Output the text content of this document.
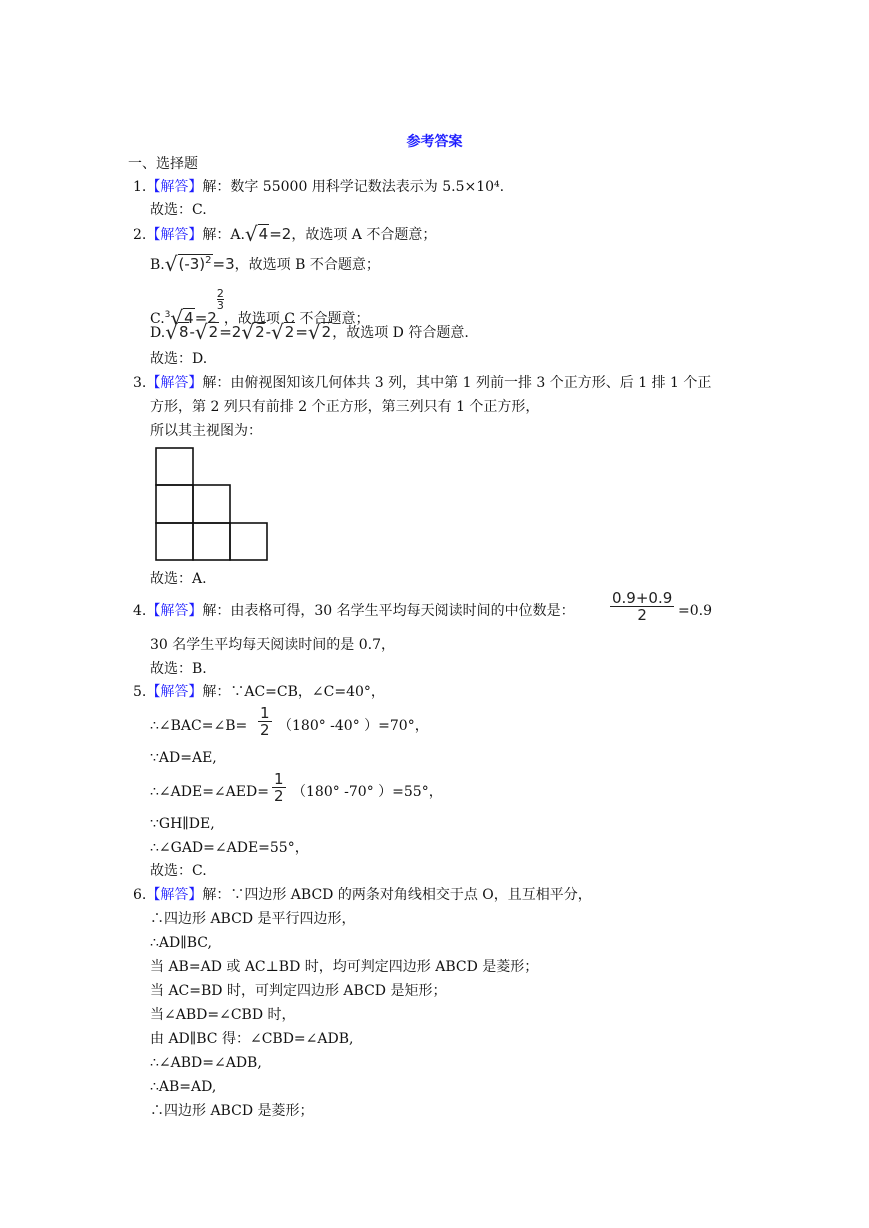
参考答案
一、选择题
1.【解答】解：数字 55000 用科学记数法表示为 5.5×10⁴.
故选：C.
2.【解答】解：A.√4=2，故选项 A 不合题意；
$B.√(-3)^2=3$，故选项 B 不合题意；
C.$^3$√4=2
$\frac{2}{3}$
，故选项 C 不合题意；
D.√8-√2=2√2-√2=√2，故选项 D 符合题意.
故选：D.
3.【解答】解：由俯视图知该几何体共 3 列，其中第 1 列前一排 3 个正方形、后 1 排 1 个正
方形，第 2 列只有前排 2 个正方形，第三列只有 1 个正方形，
所以其主视图为：
故选：A.
4.【解答】解：由表格可得，30 名学生平均每天阅读时间的中位数是： $\frac{0.9+0.9}{2} =0.9$
30 名学生平均每天阅读时间的是 0.7，
故选：B.
5.【解答】解：∵AC=CB，∠C=40°，
∴∠BAC=∠B= $\frac{1}{2} (180^\circ$ -40° ）=70°，
∵AD=AE,
∴∠ADE=∠AED= $\frac{1}{2} (180^\circ$ -70° ）=55°，
∵GH∥DE,
∴∠GAD=∠ADE=55°，
故选：C.
6.【解答】解：∵四边形 ABCD 的两条对角线相交于点 O，且互相平分，
∴四边形 ABCD 是平行四边形，
∴AD∥BC,
当 AB=AD 或 AC⊥BD 时，均可判定四边形 ABCD 是菱形；
当 AC=BD 时，可判定四边形 ABCD 是矩形；
当∠ABD=∠CBD 时，
由 AD∥BC 得：∠CBD=∠ADB,
∴∠ABD=∠ADB,
∴AB=AD,
∴四边形 ABCD 是菱形；
